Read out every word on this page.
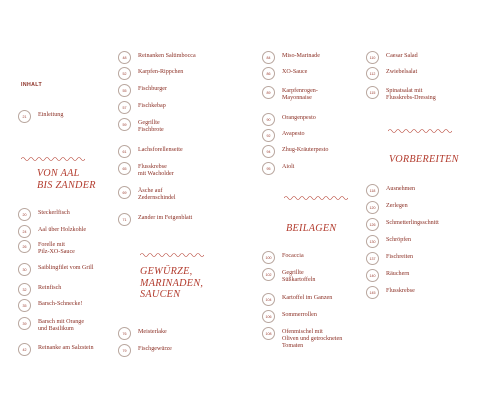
INHALT
21	Einleitung
20	Steckerlfisch
24	Aal über Holzkohle
26	Forelle mit
Pilz-XO-Sauce
30	Saiblingfilet vom Grill
32	Reinfisch
35	Barsch-Schnecke!
39	Barsch mit Orange
und Basilikum
42	Reinanke am Salzstein
VON AAL
BIS ZANDER
48	Reinanken Saltimbocca
52	Karpfen-Rippchen
55	Fischburger
57	Fischkebap
59	Gegrillte
Fischbrote
61	Lachsforellenseite
65	Flusskrebse
mit Wacholder
69	Äsche auf
Zedernschindel
71	Zander im Feigenblatt
76	Meisterlake
79	Fischgewürze
GEWÜRZE,
MARINADEN,
SAUCEN
84	Miso-Marinade
86	XO-Sauce
89	Karpfenrogen-
Mayonnaise
90	Orangenpesto
92	Avapesto
94	Zhug-Kräuterpesto
95	Aioli
100	Focaccia
102	Gegrillte
Süßkartoffeln
104	Kartoffel im Ganzen
106	Sommerrollen
108	Ofenmischel mit
Oliven und getrockneten
Tomaten
BEILAGEN
110	Caesar Salad
112	Zwiebelsalat
115	Spinatsalat mit
Flusskrebs-Dressing
118	Ausnehmen
120	Zerlegen
126	Schmetterlingsschnitt
130	Schröpfen
137	Fischreiten
140	Räuchern
145	Flusskrebse
VORBEREITEN
